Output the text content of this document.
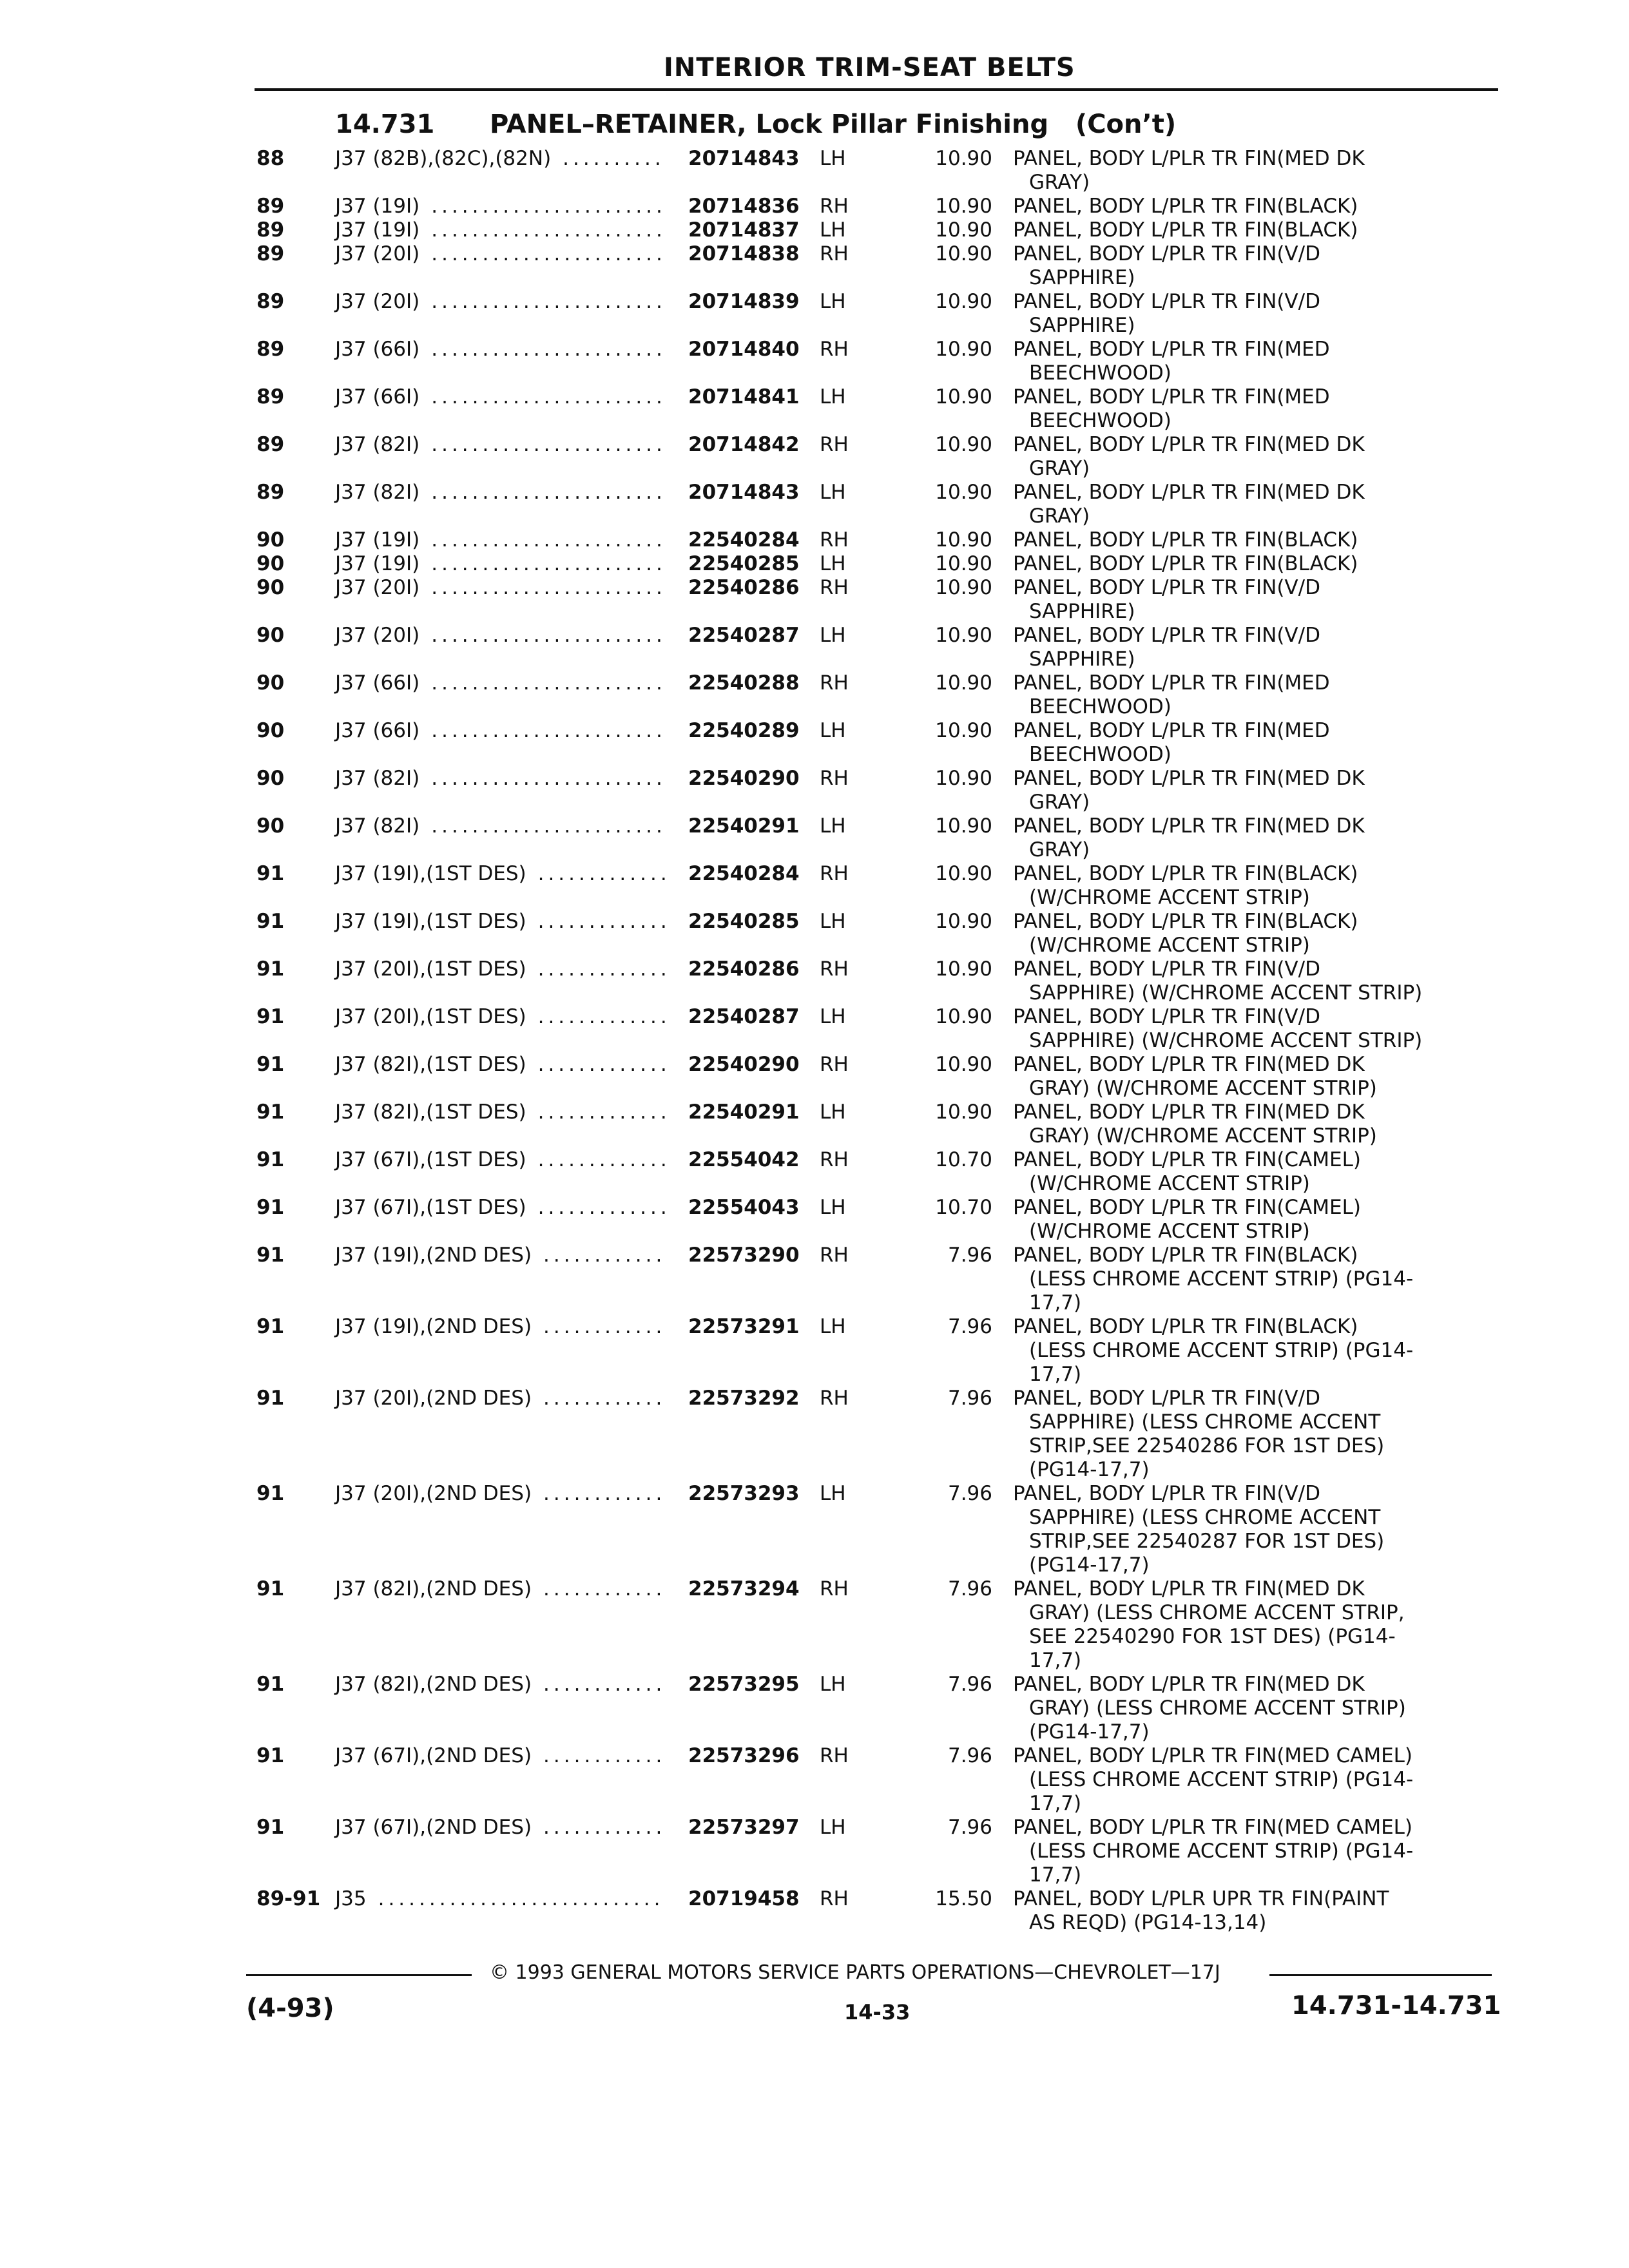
INTERIOR TRIM-SEAT BELTS
14.731 PANEL–RETAINER, Lock Pillar Finishing (Con’t)
88	J37 (82B),(82C),(82N) .......... 20714843 LH	10.90 PANEL, BODY L/PLR TR FIN(MED DK
GRAY)
89	J37 (19I) ....................... 20714836 RH	10.90 PANEL, BODY L/PLR TR FIN(BLACK)
89	J37 (19I) ....................... 20714837 LH	10.90 PANEL, BODY L/PLR TR FIN(BLACK)
89	J37 (20I) ....................... 20714838 RH	10.90 PANEL, BODY L/PLR TR FIN(V/D
SAPPHIRE)
89	J37 (20I) ....................... 20714839 LH	10.90 PANEL, BODY L/PLR TR FIN(V/D
SAPPHIRE)
89	J37 (66I) ....................... 20714840 RH	10.90 PANEL, BODY L/PLR TR FIN(MED
BEECHWOOD)
89	J37 (66I) ....................... 20714841 LH	10.90 PANEL, BODY L/PLR TR FIN(MED
BEECHWOOD)
89	J37 (82I) ....................... 20714842 RH	10.90 PANEL, BODY L/PLR TR FIN(MED DK
GRAY)
89	J37 (82I) ....................... 20714843 LH	10.90 PANEL, BODY L/PLR TR FIN(MED DK
GRAY)
90	J37 (19I) ....................... 22540284 RH	10.90 PANEL, BODY L/PLR TR FIN(BLACK)
90	J37 (19I) ....................... 22540285 LH	10.90 PANEL, BODY L/PLR TR FIN(BLACK)
90	J37 (20I) ....................... 22540286 RH	10.90 PANEL, BODY L/PLR TR FIN(V/D
SAPPHIRE)
90	J37 (20I) ....................... 22540287 LH	10.90 PANEL, BODY L/PLR TR FIN(V/D
SAPPHIRE)
90	J37 (66I) ....................... 22540288 RH	10.90 PANEL, BODY L/PLR TR FIN(MED
BEECHWOOD)
90	J37 (66I) ....................... 22540289 LH	10.90 PANEL, BODY L/PLR TR FIN(MED
BEECHWOOD)
90	J37 (82I) ....................... 22540290 RH	10.90 PANEL, BODY L/PLR TR FIN(MED DK
GRAY)
90	J37 (82I) ....................... 22540291 LH	10.90 PANEL, BODY L/PLR TR FIN(MED DK
GRAY)
91	J37 (19I),(1ST DES) ............. 22540284 RH	10.90 PANEL, BODY L/PLR TR FIN(BLACK)
(W/CHROME ACCENT STRIP)
91	J37 (19I),(1ST DES) ............. 22540285 LH	10.90 PANEL, BODY L/PLR TR FIN(BLACK)
(W/CHROME ACCENT STRIP)
91	J37 (20I),(1ST DES) ............. 22540286 RH	10.90 PANEL, BODY L/PLR TR FIN(V/D
SAPPHIRE) (W/CHROME ACCENT STRIP)
91	J37 (20I),(1ST DES) ............. 22540287 LH	10.90 PANEL, BODY L/PLR TR FIN(V/D
SAPPHIRE) (W/CHROME ACCENT STRIP)
91	J37 (82I),(1ST DES) ............. 22540290 RH	10.90 PANEL, BODY L/PLR TR FIN(MED DK
GRAY) (W/CHROME ACCENT STRIP)
91	J37 (82I),(1ST DES) ............. 22540291 LH	10.90 PANEL, BODY L/PLR TR FIN(MED DK
GRAY) (W/CHROME ACCENT STRIP)
91	J37 (67I),(1ST DES) ............. 22554042 RH	10.70 PANEL, BODY L/PLR TR FIN(CAMEL)
(W/CHROME ACCENT STRIP)
91	J37 (67I),(1ST DES) ............. 22554043 LH	10.70 PANEL, BODY L/PLR TR FIN(CAMEL)
(W/CHROME ACCENT STRIP)
91	J37 (19I),(2ND DES) ............ 22573290 RH	7.96 PANEL, BODY L/PLR TR FIN(BLACK)
(LESS CHROME ACCENT STRIP) (PG14-
17,7)
91	J37 (19I),(2ND DES) ............ 22573291 LH	7.96 PANEL, BODY L/PLR TR FIN(BLACK)
(LESS CHROME ACCENT STRIP) (PG14-
17,7)
91	J37 (20I),(2ND DES) ............ 22573292 RH	7.96 PANEL, BODY L/PLR TR FIN(V/D
SAPPHIRE) (LESS CHROME ACCENT
STRIP,SEE 22540286 FOR 1ST DES)
(PG14-17,7)
91	J37 (20I),(2ND DES) ............ 22573293 LH	7.96 PANEL, BODY L/PLR TR FIN(V/D
SAPPHIRE) (LESS CHROME ACCENT
STRIP,SEE 22540287 FOR 1ST DES)
(PG14-17,7)
91	J37 (82I),(2ND DES) ............ 22573294 RH	7.96 PANEL, BODY L/PLR TR FIN(MED DK
GRAY) (LESS CHROME ACCENT STRIP,
SEE 22540290 FOR 1ST DES) (PG14-
17,7)
91	J37 (82I),(2ND DES) ............ 22573295 LH	7.96 PANEL, BODY L/PLR TR FIN(MED DK
GRAY) (LESS CHROME ACCENT STRIP)
(PG14-17,7)
91	J37 (67I),(2ND DES) ............ 22573296 RH	7.96 PANEL, BODY L/PLR TR FIN(MED CAMEL)
(LESS CHROME ACCENT STRIP) (PG14-
17,7)
91	J37 (67I),(2ND DES) ............ 22573297 LH	7.96 PANEL, BODY L/PLR TR FIN(MED CAMEL)
(LESS CHROME ACCENT STRIP) (PG14-
17,7)
89-91 J35 ............................ 20719458 RH	15.50 PANEL, BODY L/PLR UPR TR FIN(PAINT
AS REQD) (PG14-13,14)
© 1993 GENERAL MOTORS SERVICE PARTS OPERATIONS—CHEVROLET—17J
(4-93)	14-33	14.731-14.731
